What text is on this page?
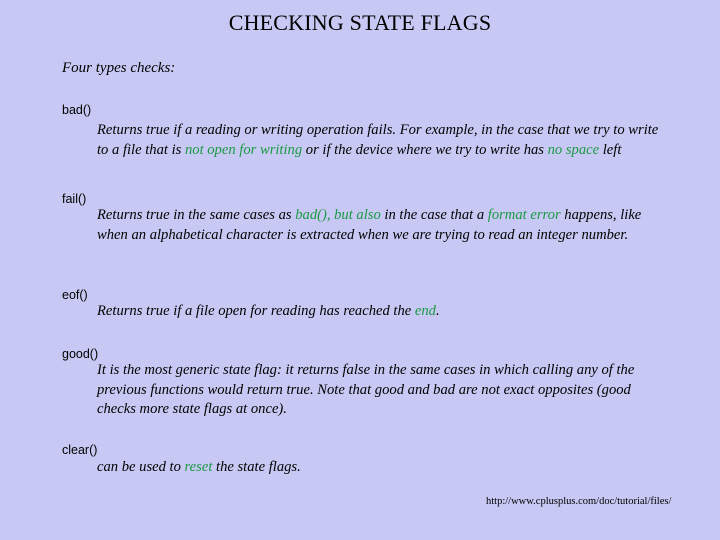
CHECKING STATE FLAGS
Four types checks:
bad()
Returns true if a reading or writing operation fails. For example, in the case that we try to write to a file that is not open for writing or if the device where we try to write has no space left
fail()
Returns true in the same cases as bad(), but also in the case that a format error happens, like when an alphabetical character is extracted when we are trying to read an integer number.
eof()
Returns true if a file open for reading has reached the end.
good()
It is the most generic state flag: it returns false in the same cases in which calling any of the previous functions would return true. Note that good and bad are not exact opposites (good checks more state flags at once).
clear()
can be used to reset the state flags.
http://www.cplusplus.com/doc/tutorial/files/
